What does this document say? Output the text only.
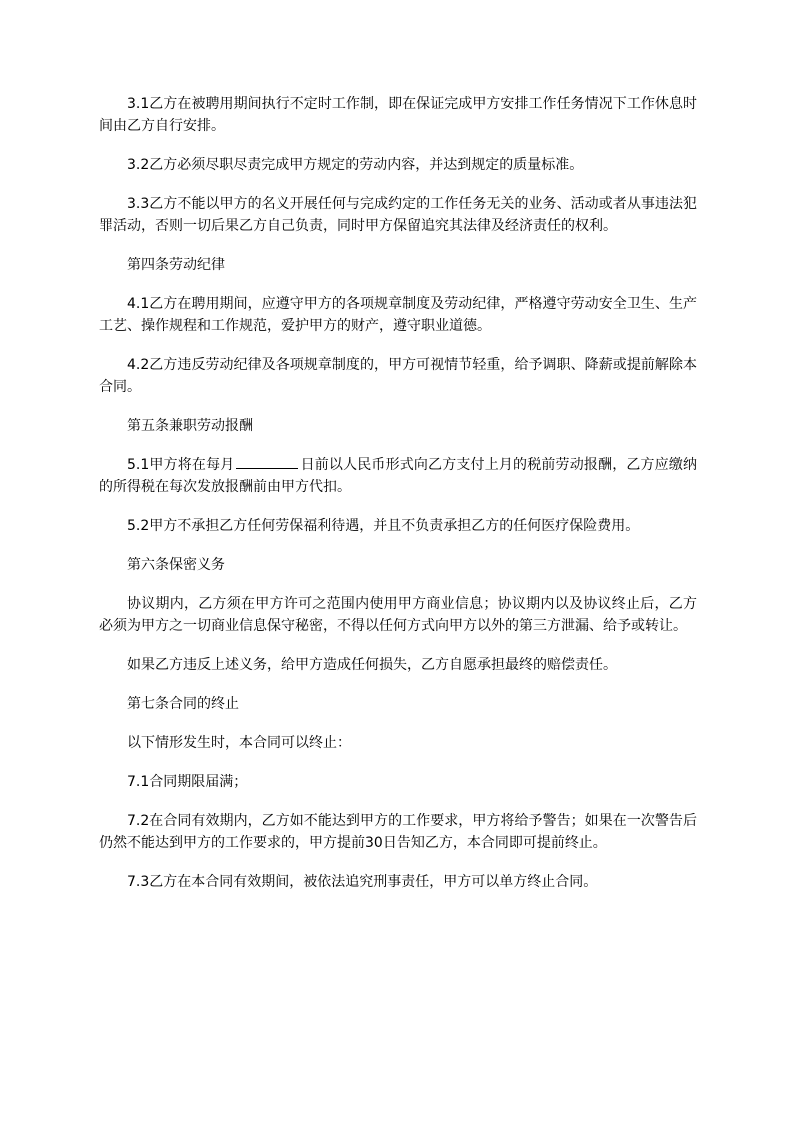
3.1乙方在被聘用期间执行不定时工作制，即在保证完成甲方安排工作任务情况下工作休息时间由乙方自行安排。

3.2乙方必须尽职尽责完成甲方规定的劳动内容，并达到规定的质量标准。

3.3乙方不能以甲方的名义开展任何与完成约定的工作任务无关的业务、活动或者从事违法犯罪活动，否则一切后果乙方自己负责，同时甲方保留追究其法律及经济责任的权利。

第四条劳动纪律

4.1乙方在聘用期间，应遵守甲方的各项规章制度及劳动纪律，严格遵守劳动安全卫生、生产工艺、操作规程和工作规范，爱护甲方的财产，遵守职业道德。

4.2乙方违反劳动纪律及各项规章制度的，甲方可视情节轻重，给予调职、降薪或提前解除本合同。

第五条兼职劳动报酬

5.1甲方将在每月	日前以人民币形式向乙方支付上月的税前劳动报酬，乙方应缴纳的所得税在每次发放报酬前由甲方代扣。

5.2甲方不承担乙方任何劳保福利待遇，并且不负责承担乙方的任何医疗保险费用。

第六条保密义务

协议期内，乙方须在甲方许可之范围内使用甲方商业信息；协议期内以及协议终止后，乙方必须为甲方之一切商业信息保守秘密，不得以任何方式向甲方以外的第三方泄漏、给予或转让。

如果乙方违反上述义务，给甲方造成任何损失，乙方自愿承担最终的赔偿责任。

第七条合同的终止

以下情形发生时，本合同可以终止：

7.1合同期限届满；

7.2在合同有效期内，乙方如不能达到甲方的工作要求，甲方将给予警告；如果在一次警告后仍然不能达到甲方的工作要求的，甲方提前30日告知乙方，本合同即可提前终止。

7.3乙方在本合同有效期间，被依法追究刑事责任，甲方可以单方终止合同。
